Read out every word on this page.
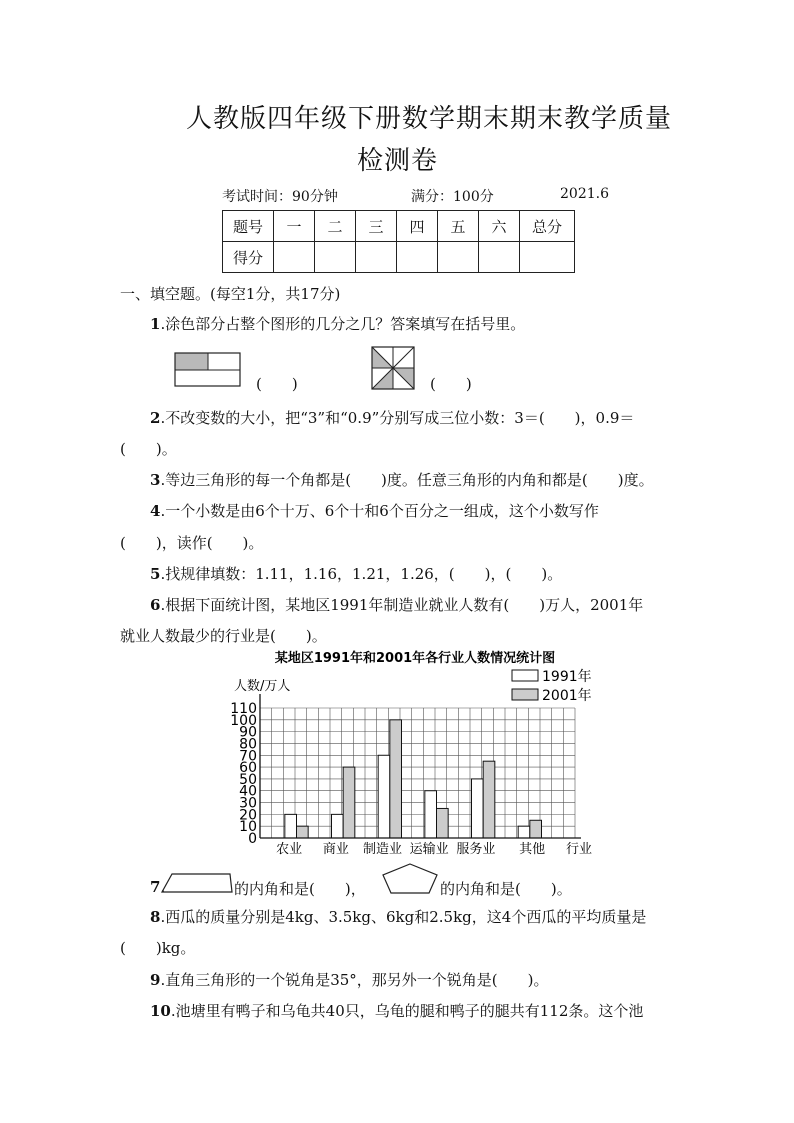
人教版四年级下册数学期末期末教学质量
检测卷
考试时间：90分钟	满分：100分	2021.6
题号	一	二	三	四	五	六	总分
得分							
一、填空题。(每空1分，共17分)
1.涂色部分占整个图形的几分之几？答案填写在括号里。
(　　)	(　　)
2.不改变数的大小，把“3”和“0.9”分别写成三位小数：3＝(　　)，0.9＝
(　　)。
3.等边三角形的每一个角都是(　　)度。任意三角形的内角和都是(　　)度。
4.一个小数是由6个十万、6个十和6个百分之一组成，这个小数写作
(　　)，读作(　　)。
5.找规律填数：1.11，1.16，1.21，1.26，(　　)，(　　)。
6.根据下面统计图，某地区1991年制造业就业人数有(　　)万人，2001年
就业人数最少的行业是(　　)。
某地区1991年和2001年各行业人数情况统计图
人数/万人
0
10
20
30
40
50
60
70
80
90
100
110
农业 商业 制造业 运输业 服务业 其他 行业
1991年
2001年
7.	的内角和是(　　)，	的内角和是(　　)。
8.西瓜的质量分别是4kg、3.5kg、6kg和2.5kg，这4个西瓜的平均质量是
(　　)kg。
9.直角三角形的一个锐角是35°，那另外一个锐角是(　　)。
10.池塘里有鸭子和乌龟共40只，乌龟的腿和鸭子的腿共有112条。这个池
